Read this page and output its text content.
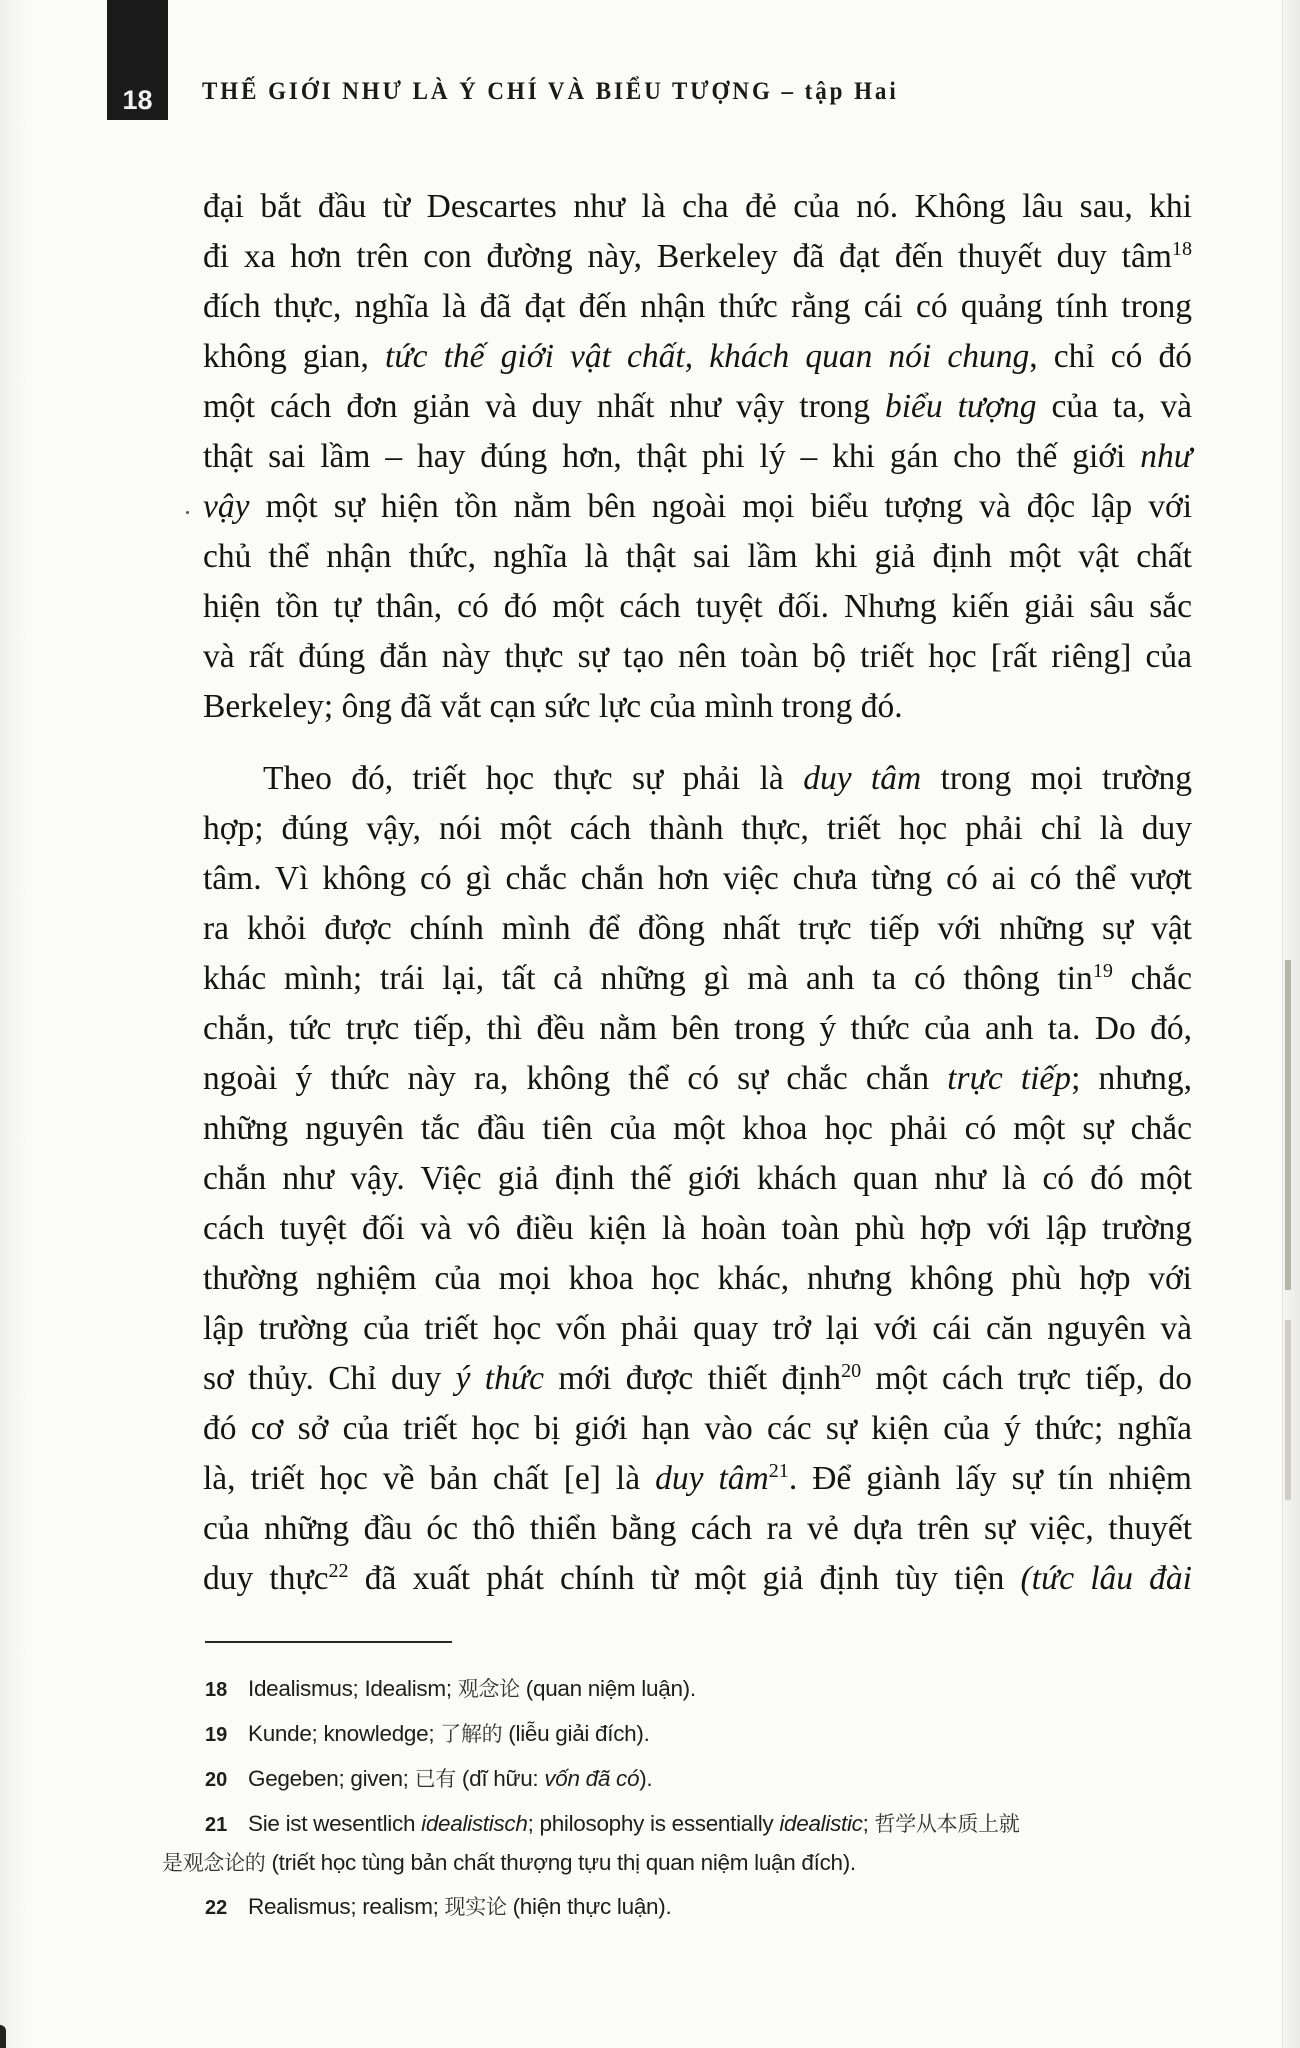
18	THẾ GIỚI NHƯ LÀ Ý CHÍ VÀ BIỂU TƯỢNG – tập Hai
đại bắt đầu từ Descartes như là cha đẻ của nó. Không lâu sau, khi
đi xa hơn trên con đường này, Berkeley đã đạt đến thuyết duy tâm$^{18}$
đích thực, nghĩa là đã đạt đến nhận thức rằng cái có quảng tính trong
không gian, tức thế giới vật chất, khách quan nói chung, chỉ có đó
một cách đơn giản và duy nhất như vậy trong biểu tượng của ta, và
thật sai lầm – hay đúng hơn, thật phi lý – khi gán cho thế giới như
vậy một sự hiện tồn nằm bên ngoài mọi biểu tượng và độc lập với
chủ thể nhận thức, nghĩa là thật sai lầm khi giả định một vật chất
hiện tồn tự thân, có đó một cách tuyệt đối. Nhưng kiến giải sâu sắc
và rất đúng đắn này thực sự tạo nên toàn bộ triết học [rất riêng] của
Berkeley; ông đã vắt cạn sức lực của mình trong đó.
Theo đó, triết học thực sự phải là duy tâm trong mọi trường
hợp; đúng vậy, nói một cách thành thực, triết học phải chỉ là duy
tâm. Vì không có gì chắc chắn hơn việc chưa từng có ai có thể vượt
ra khỏi được chính mình để đồng nhất trực tiếp với những sự vật
khác mình; trái lại, tất cả những gì mà anh ta có thông tin$^{19}$ chắc
chắn, tức trực tiếp, thì đều nằm bên trong ý thức của anh ta. Do đó,
ngoài ý thức này ra, không thể có sự chắc chắn trực tiếp; nhưng,
những nguyên tắc đầu tiên của một khoa học phải có một sự chắc
chắn như vậy. Việc giả định thế giới khách quan như là có đó một
cách tuyệt đối và vô điều kiện là hoàn toàn phù hợp với lập trường
thường nghiệm của mọi khoa học khác, nhưng không phù hợp với
lập trường của triết học vốn phải quay trở lại với cái căn nguyên và
sơ thủy. Chỉ duy ý thức mới được thiết định$^{20}$ một cách trực tiếp, do
đó cơ sở của triết học bị giới hạn vào các sự kiện của ý thức; nghĩa
là, triết học về bản chất [e] là duy tâm$^{21}$. Để giành lấy sự tín nhiệm
của những đầu óc thô thiển bằng cách ra vẻ dựa trên sự việc, thuyết
duy thực$^{22}$ đã xuất phát chính từ một giả định tùy tiện (tức lâu đài
18 Idealismus; Idealism; 观念论 (quan niệm luận).
19 Kunde; knowledge; 了解的 (liễu giải đích).
20 Gegeben; given; 已有 (dĩ hữu: vốn đã có).
21 Sie ist wesentlich idealistisch; philosophy is essentially idealistic; 哲学从本质上就
是观念论的 (triết học tùng bản chất thượng tựu thị quan niệm luận đích).
22 Realismus; realism; 现实论 (hiện thực luận).
